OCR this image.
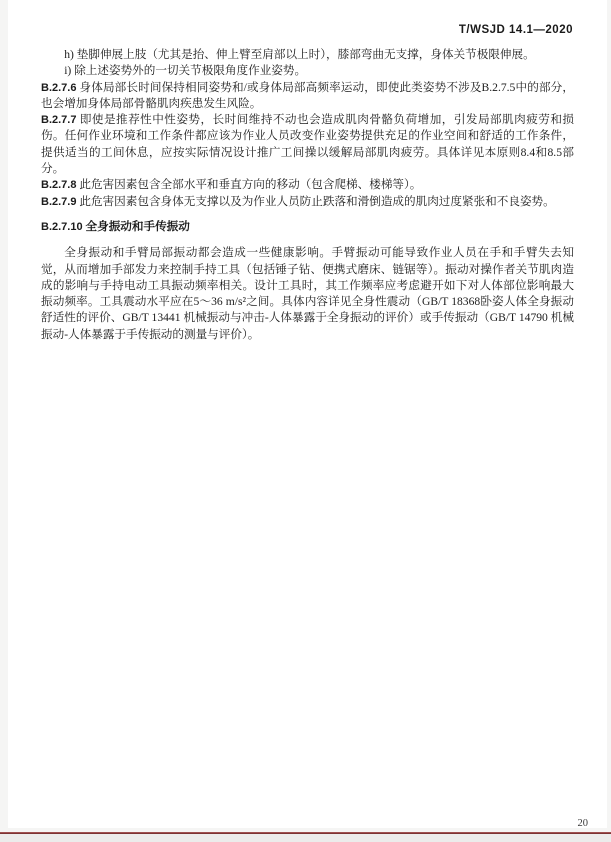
T/WSJD 14.1—2020

h) 垫脚伸展上肢（尤其是抬、伸上臂至肩部以上时），膝部弯曲无支撑，身体关节极限伸展。

i) 除上述姿势外的一切关节极限角度作业姿势。

B.2.7.6 身体局部长时间保持相同姿势和/或身体局部高频率运动，即使此类姿势不涉及B.2.7.5中的部分，也会增加身体局部骨骼肌肉疾患发生风险。

B.2.7.7 即使是推荐性中性姿势，长时间维持不动也会造成肌肉骨骼负荷增加，引发局部肌肉疲劳和损伤。任何作业环境和工作条件都应该为作业人员改变作业姿势提供充足的作业空间和舒适的工作条件，提供适当的工间休息，应按实际情况设计推广工间操以缓解局部肌肉疲劳。具体详见本原则8.4和8.5部分。

B.2.7.8 此危害因素包含全部水平和垂直方向的移动（包含爬梯、楼梯等）。

B.2.7.9 此危害因素包含身体无支撑以及为作业人员防止跌落和滑倒造成的肌肉过度紧张和不良姿势。

B.2.7.10 全身振动和手传振动

全身振动和手臂局部振动都会造成一些健康影响。手臂振动可能导致作业人员在手和手臂失去知觉，从而增加手部发力来控制手持工具（包括锤子钻、便携式磨床、链锯等）。振动对操作者关节肌肉造成的影响与手持电动工具振动频率相关。设计工具时，其工作频率应考虑避开如下对人体部位影响最大振动频率。工具震动水平应在5～36 m/s²之间。具体内容详见全身性震动（GB/T 18368卧姿人体全身振动舒适性的评价、GB/T 13441 机械振动与冲击-人体暴露于全身振动的评价）或手传振动（GB/T 14790 机械振动-人体暴露于手传振动的测量与评价）。

20
